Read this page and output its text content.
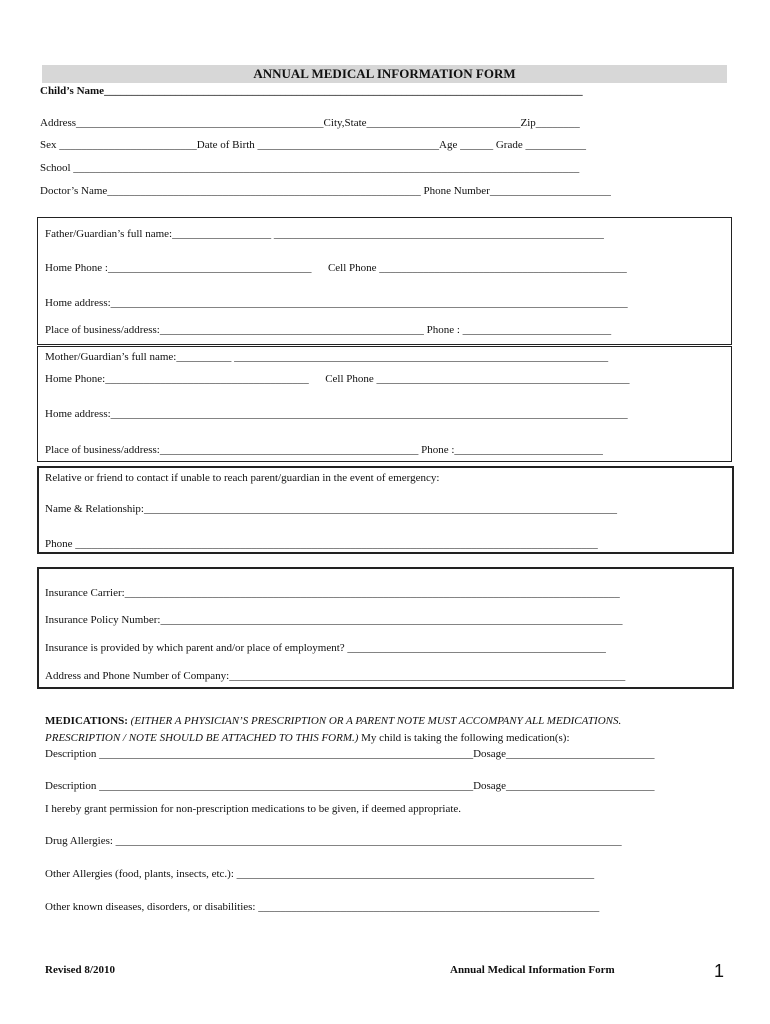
ANNUAL MEDICAL INFORMATION FORM
Child’s Name_______________________________________________________________________________________
Address_____________________________________________City,State____________________________Zip________
Sex _________________________Date of Birth _________________________________Age ______ Grade ___________
School ____________________________________________________________________________________________
Doctor’s Name_________________________________________________________ Phone Number______________________
Father/Guardian’s full name:__________________ ____________________________________________________________
Home Phone :_____________________________________      Cell Phone _____________________________________________
Home address:______________________________________________________________________________________________
Place of business/address:________________________________________________ Phone : ___________________________
Mother/Guardian’s full name:__________ ____________________________________________________________________
Home Phone:_____________________________________      Cell Phone ______________________________________________
Home address:______________________________________________________________________________________________
Place of business/address:_______________________________________________ Phone :___________________________
Relative or friend to contact if unable to reach parent/guardian in the event of emergency:
Name & Relationship:______________________________________________________________________________________
Phone _______________________________________________________________________________________________
Insurance Carrier:__________________________________________________________________________________________
Insurance Policy Number:____________________________________________________________________________________
Insurance is provided by which parent and/or place of employment? _______________________________________________
Address and Phone Number of Company:________________________________________________________________________
MEDICATIONS: (EITHER A PHYSICIAN’S PRESCRIPTION OR A PARENT NOTE MUST ACCOMPANY ALL MEDICATIONS.
PRESCRIPTION / NOTE SHOULD BE ATTACHED TO THIS FORM.) My child is taking the following medication(s):
Description ____________________________________________________________________Dosage___________________________
Description ____________________________________________________________________Dosage___________________________
I hereby grant permission for non-prescription medications to be given, if deemed appropriate.
Drug Allergies: ____________________________________________________________________________________________
Other Allergies (food, plants, insects, etc.): _________________________________________________________________
Other known diseases, disorders, or disabilities: ______________________________________________________________
Revised 8/2010	Annual Medical Information Form	1
